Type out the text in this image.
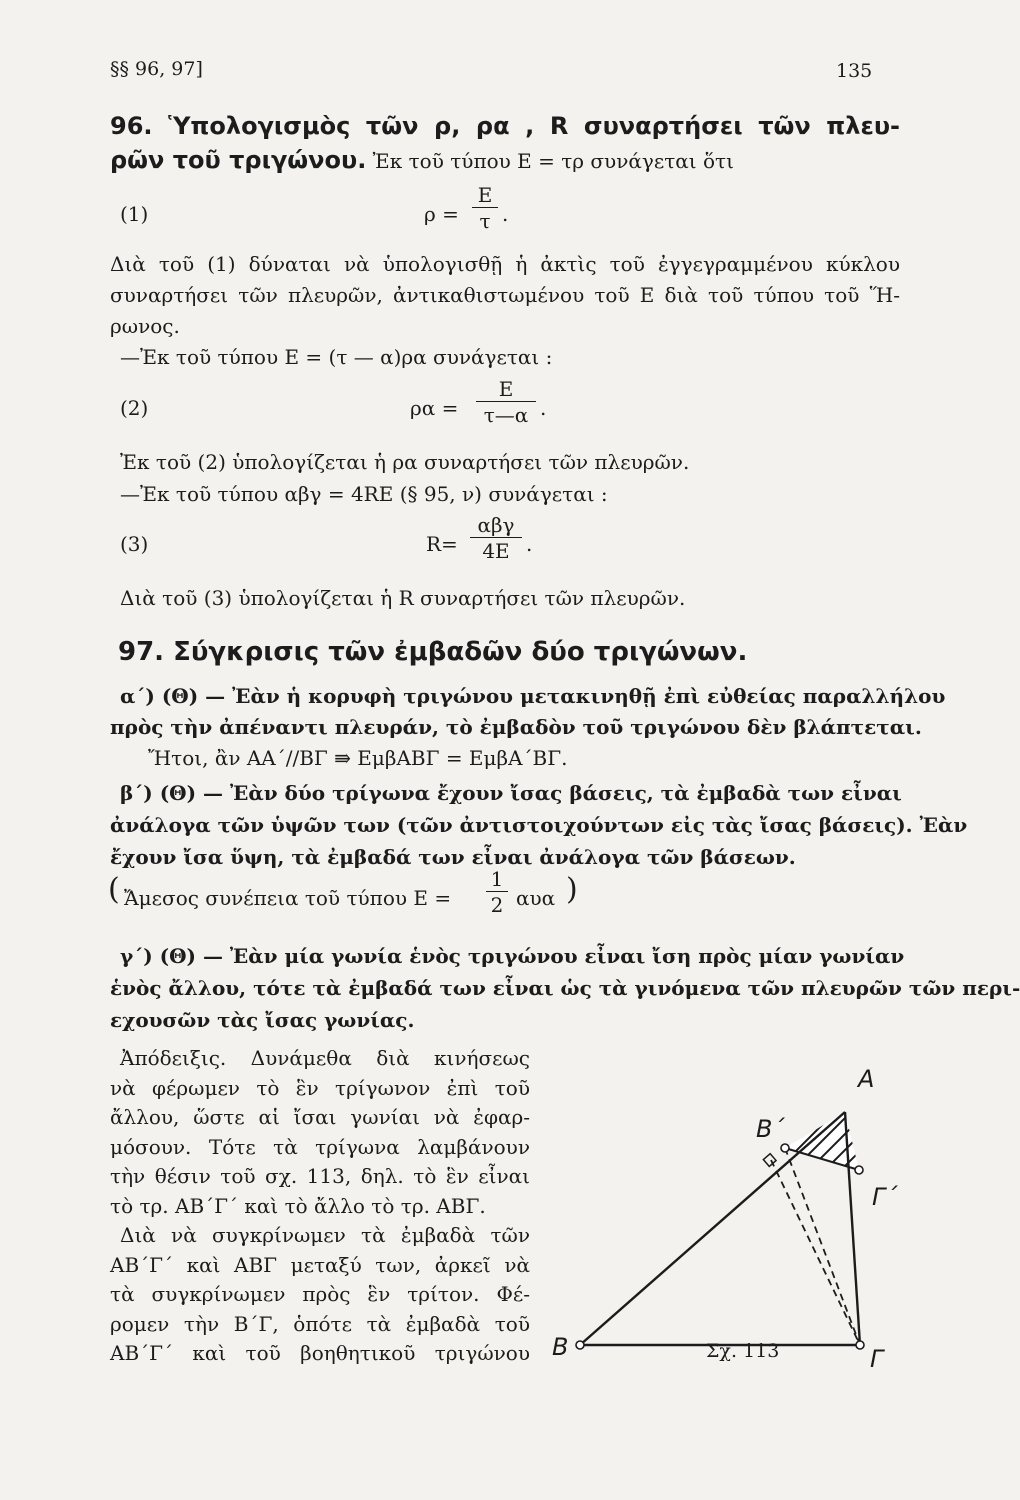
§§ 96, 97]	135
96. Ὑπολογισμὸς τῶν ρ, ρα , R συναρτήσει τῶν πλευ-
ρῶν τοῦ τριγώνου. Ἐκ τοῦ τύπου Ε = τρ συνάγεται ὅτι
(1)	ρ =
Ε
τ .
Διὰ τοῦ (1) δύναται νὰ ὑπολογισθῇ ἡ ἀκτὶς τοῦ ἐγγεγραμμένου κύκλου
συναρτήσει τῶν πλευρῶν, ἀντικαθιστωμένου τοῦ Ε διὰ τοῦ τύπου τοῦ Ἥ-
ρωνος.
—Ἐκ τοῦ τύπου Ε = (τ — α)ρα συνάγεται :
(2)	ρα =
Ε
τ—α .
Ἐκ τοῦ (2) ὑπολογίζεται ἡ ρα συναρτήσει τῶν πλευρῶν.
—Ἐκ τοῦ τύπου αβγ = 4RΕ (§ 95, ν) συνάγεται :
(3)	R=
αβγ
4Ε .
Διὰ τοῦ (3) ὑπολογίζεται ἡ R συναρτήσει τῶν πλευρῶν.
97. Σύγκρισις τῶν ἐμβαδῶν δύο τριγώνων.
α΄) (Θ) — Ἐὰν ἡ κορυφὴ τριγώνου μετακινηθῇ ἐπὶ εὐθείας παραλλήλου
πρὸς τὴν ἀπέναντι πλευράν, τὸ ἐμβαδὸν τοῦ τριγώνου δὲν βλάπτεται.
Ἤτοι, ἂν ΑΑ΄//ΒΓ ⇛ ΕμβΑΒΓ = ΕμβΑ΄ΒΓ.
β΄) (Θ) — Ἐὰν δύο τρίγωνα ἔχουν ἴσας βάσεις, τὰ ἐμβαδὰ των εἶναι
ἀνάλογα τῶν ὑψῶν των (τῶν ἀντιστοιχούντων εἰς τὰς ἴσας βάσεις). Ἐὰν
ἔχουν ἴσα ὕψη, τὰ ἐμβαδά των εἶναι ἀνάλογα τῶν βάσεων.
( Ἄμεσος συνέπεια τοῦ τύπου Ε =
1
2 αυα )
γ΄) (Θ) — Ἐὰν μία γωνία ἑνὸς τριγώνου εἶναι ἴση πρὸς μίαν γωνίαν
ἑνὸς ἄλλου, τότε τὰ ἐμβαδά των εἶναι ὡς τὰ γινόμενα τῶν πλευρῶν τῶν περι-
εχουσῶν τὰς ἴσας γωνίας.
Ἀπόδειξις. Δυνάμεθα διὰ κινήσεως
νὰ φέρωμεν τὸ ἓν τρίγωνον ἐπὶ τοῦ
ἄλλου, ὥστε αἱ ἴσαι γωνίαι νὰ ἐφαρ-
μόσουν. Τότε τὰ τρίγωνα λαμβάνουν
τὴν θέσιν τοῦ σχ. 113, δηλ. τὸ ἓν εἶναι
τὸ τρ. ΑΒ΄Γ΄ καὶ τὸ ἄλλο τὸ τρ. ΑΒΓ.
Διὰ νὰ συγκρίνωμεν τὰ ἐμβαδὰ τῶν
ΑΒ΄Γ΄ καὶ ΑΒΓ μεταξύ των, ἀρκεῖ νὰ
τὰ συγκρίνωμεν πρὸς ἓν τρίτον. Φέ-
ρομεν τὴν Β΄Γ, ὁπότε τὰ ἐμβαδὰ τοῦ
ΑΒ΄Γ΄ καὶ τοῦ βοηθητικοῦ τριγώνου
Α
Β΄
Γ΄
Β	Γ
Σχ. 113
